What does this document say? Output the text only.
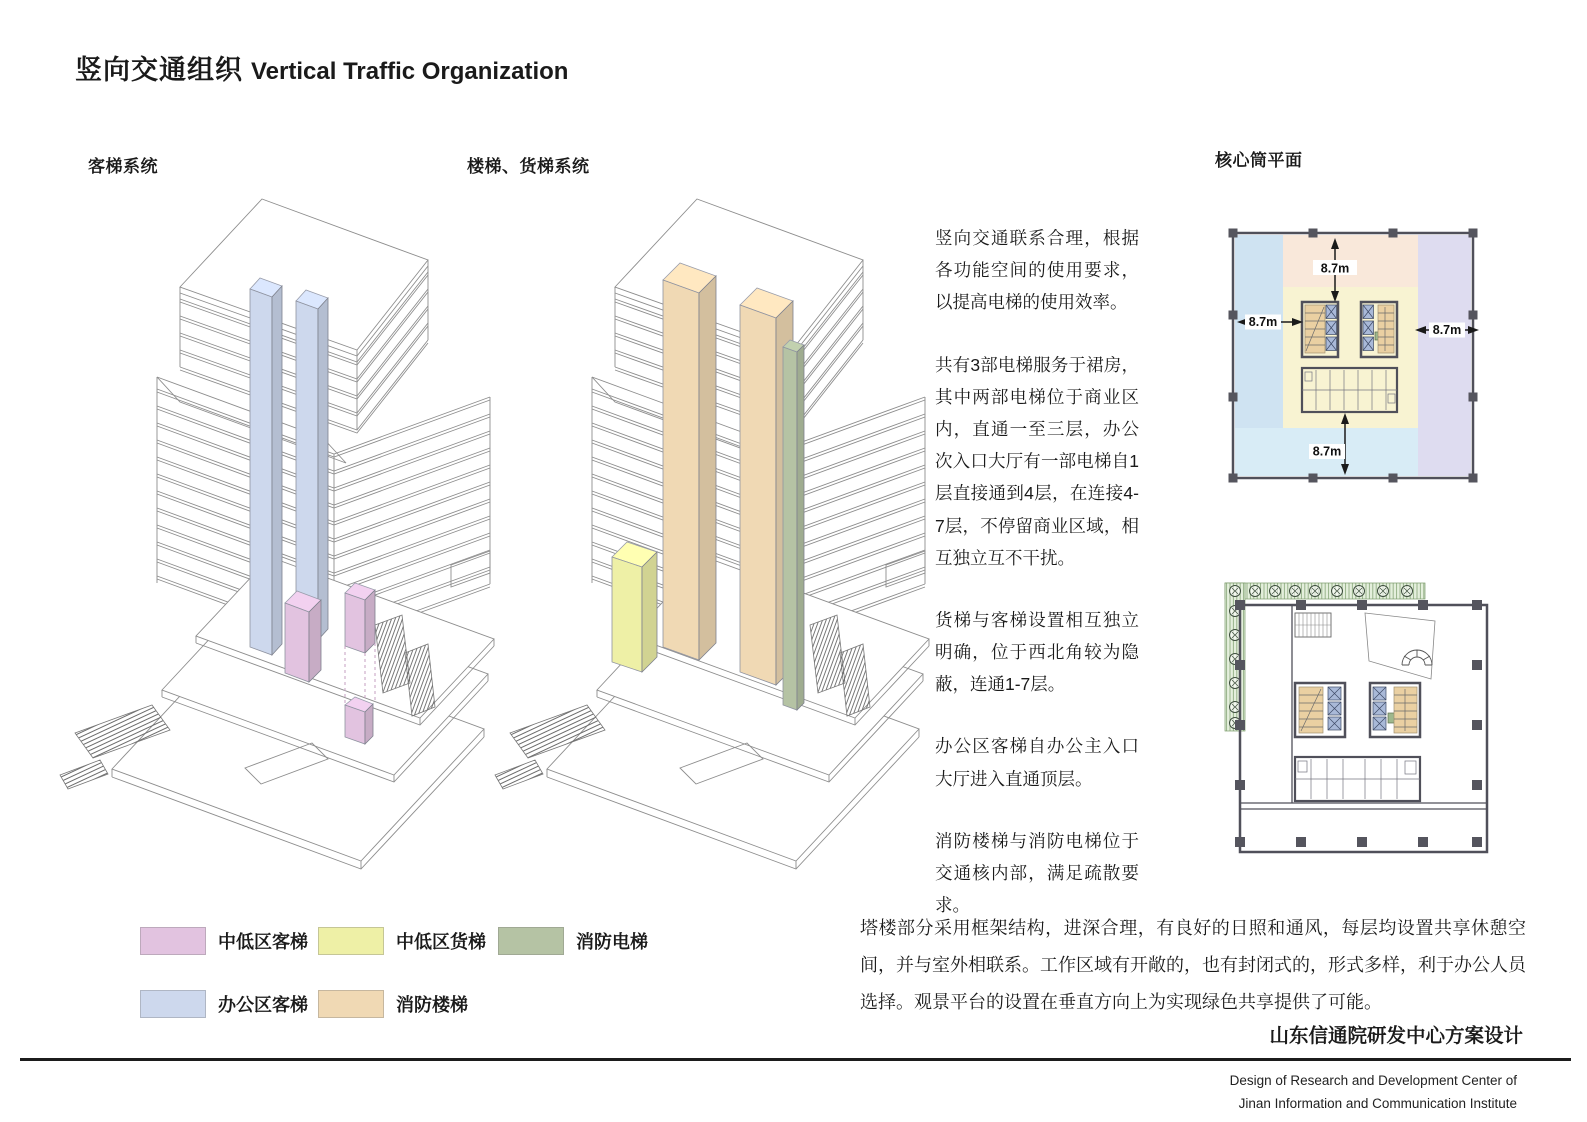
竖向交通组织 Vertical Traffic Organization
客梯系统	楼梯、货梯系统	核心筒平面

竖向交通联系合理，根据各功能空间的使用要求，以提高电梯的使用效率。

共有3部电梯服务于裙房，其中两部电梯位于商业区内，直通一至三层，办公次入口大厅有一部电梯自1层直接通到4层，在连接4-7层，不停留商业区域，相互独立互不干扰。

货梯与客梯设置相互独立明确，位于西北角较为隐蔽，连通1-7层。

办公区客梯自办公主入口大厅进入直通顶层。

消防楼梯与消防电梯位于交通核内部，满足疏散要求。

8.7m
8.7m
8.7m
8.7m
中低区客梯	中低区货梯	消防电梯
办公区客梯	消防楼梯
塔楼部分采用框架结构，进深合理，有良好的日照和通风，每层均设置共享休憩空间，并与室外相联系。工作区域有开敞的，也有封闭式的，形式多样，利于办公人员选择。观景平台的设置在垂直方向上为实现绿色共享提供了可能。
山东信通院研发中心方案设计
Design of Research and Development Center of
Jinan Information and Communication Institute
